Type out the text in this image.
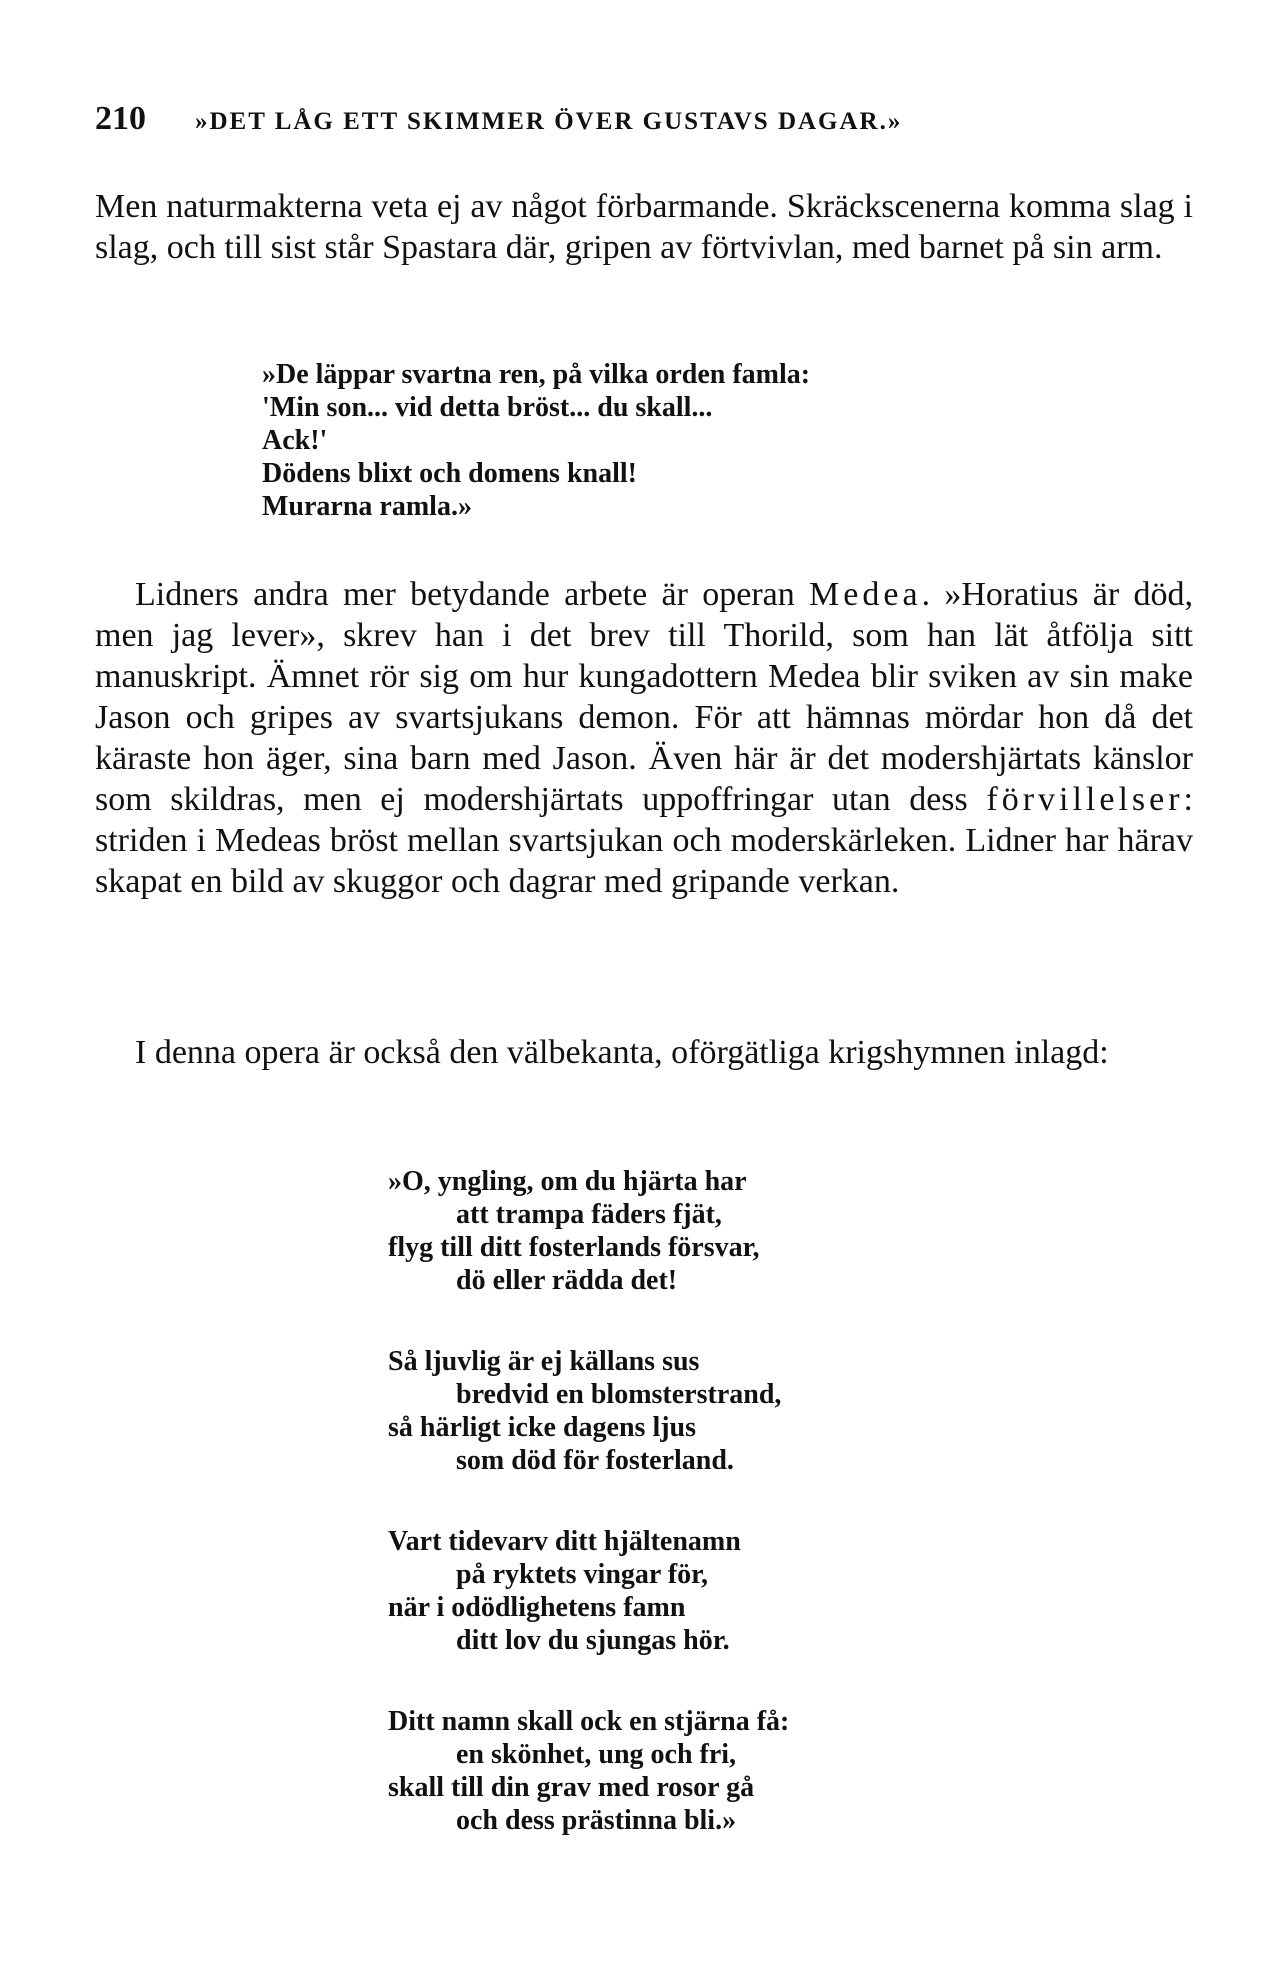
210	»DET LÅG ETT SKIMMER ÖVER GUSTAVS DAGAR.»

Men naturmakterna veta ej av något förbarmande. Skräckscenerna komma slag i slag, och till sist står Spastara där, gripen av förtvivlan, med barnet på sin arm.

»De läppar svartna ren, på vilka orden famla:
'Min son... vid detta bröst... du skall...
Ack!'
Dödens blixt och domens knall!
Murarna ramla.»

Lidners andra mer betydande arbete är operan Medea. »Horatius är död, men jag lever», skrev han i det brev till Thorild, som han lät åtfölja sitt manuskript. Ämnet rör sig om hur kungadottern Medea blir sviken av sin make Jason och gripes av svartsjukans demon. För att hämnas mördar hon då det käraste hon äger, sina barn med Jason. Även här är det modershjärtats känslor som skildras, men ej modershjärtats uppoffringar utan dess förvillelser: striden i Medeas bröst mellan svartsjukan och moderskärleken. Lidner har härav skapat en bild av skuggor och dagrar med gripande verkan.

I denna opera är också den välbekanta, oförgätliga krigshymnen inlagd:

»O, yngling, om du hjärta har
att trampa fäders fjät,
flyg till ditt fosterlands försvar,
dö eller rädda det!
Så ljuvlig är ej källans sus
bredvid en blomsterstrand,
så härligt icke dagens ljus
som död för fosterland.
Vart tidevarv ditt hjältenamn
på ryktets vingar för,
när i odödlighetens famn
ditt lov du sjungas hör.
Ditt namn skall ock en stjärna få:
en skönhet, ung och fri,
skall till din grav med rosor gå
och dess prästinna bli.»
